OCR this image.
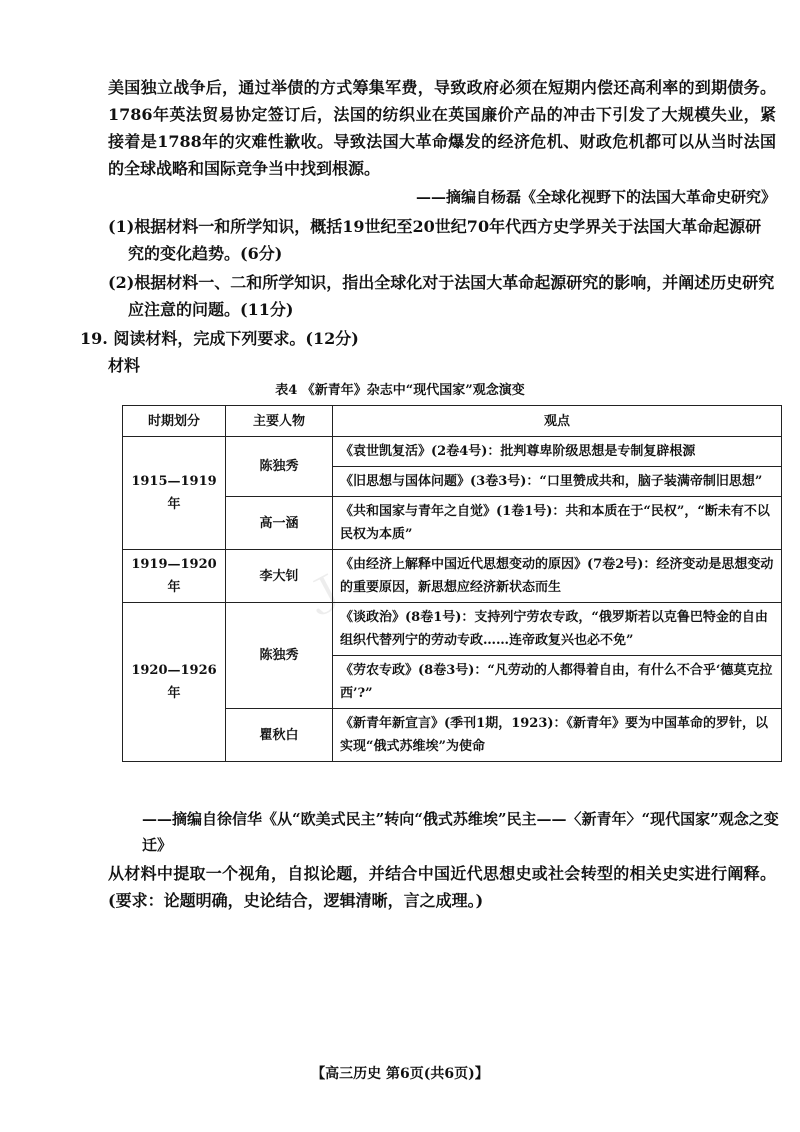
Ｊ
美国独立战争后，通过举债的方式筹集军费，导致政府必须在短期内偿还高利率的到期债务。1786年英法贸易协定签订后，法国的纺织业在英国廉价产品的冲击下引发了大规模失业，紧接着是1788年的灾难性歉收。导致法国大革命爆发的经济危机、财政危机都可以从当时法国的全球战略和国际竞争当中找到根源。
——摘编自杨磊《全球化视野下的法国大革命史研究》
(1)根据材料一和所学知识，概括19世纪至20世纪70年代西方史学界关于法国大革命起源研究的变化趋势。(6分)
(2)根据材料一、二和所学知识，指出全球化对于法国大革命起源研究的影响，并阐述历史研究应注意的问题。(11分)
19. 阅读材料，完成下列要求。(12分)
材料
表4 《新青年》杂志中“现代国家”观念演变
时期划分	主要人物	观点
1915—1919年	陈独秀	《袁世凯复活》(2卷4号)：批判尊卑阶级思想是专制复辟根源
		《旧思想与国体问题》(3卷3号)：“口里赞成共和，脑子装满帝制旧思想”
	高一涵	《共和国家与青年之自觉》(1卷1号)：共和本质在于“民权”，“断未有不以民权为本质”
1919—1920年	李大钊	《由经济上解释中国近代思想变动的原因》(7卷2号)：经济变动是思想变动的重要原因，新思想应经济新状态而生
1920—1926年	陈独秀	《谈政治》(8卷1号)：支持列宁劳农专政，“俄罗斯若以克鲁巴特金的自由组织代替列宁的劳动专政……连帝政复兴也必不免”
		《劳农专政》(8卷3号)：“凡劳动的人都得着自由，有什么不合乎‘德莫克拉西’?”
	瞿秋白	《新青年新宣言》(季刊1期，1923)：《新青年》要为中国革命的罗针，以实现“俄式苏维埃”为使命
——摘编自徐信华《从“欧美式民主”转向“俄式苏维埃”民主——〈新青年〉“现代国家”观念之变迁》
从材料中提取一个视角，自拟论题，并结合中国近代思想史或社会转型的相关史实进行阐释。(要求：论题明确，史论结合，逻辑清晰，言之成理。)
【高三历史 第6页(共6页)】
